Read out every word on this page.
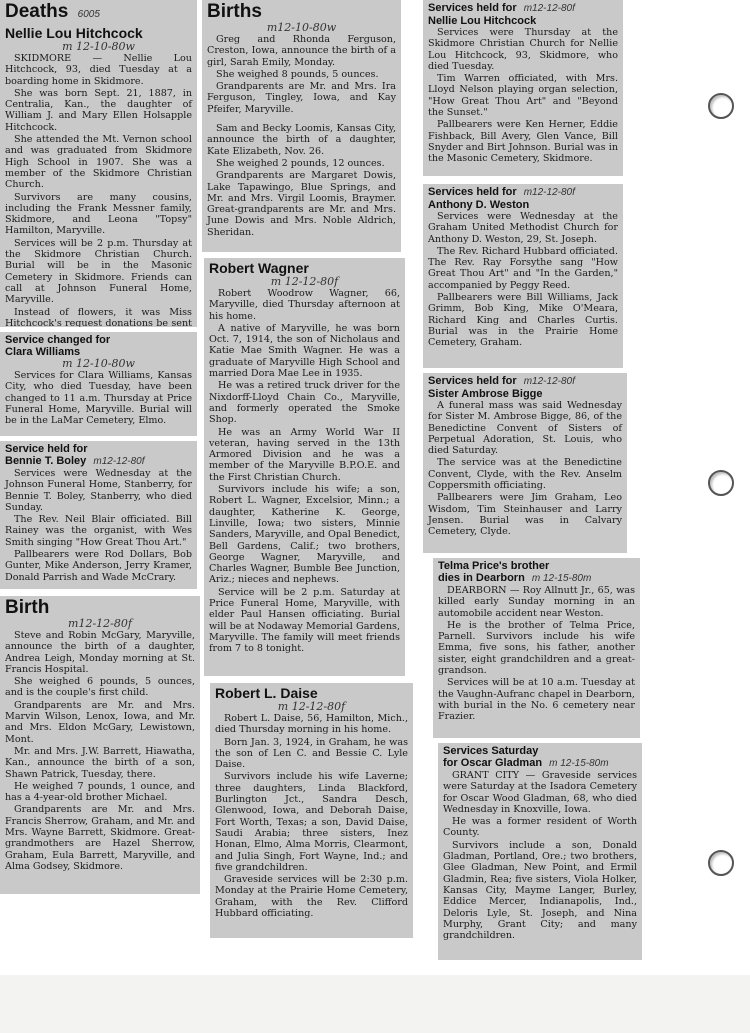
Deaths 6005
Nellie Lou Hitchcock
m 12-10-80w

SKIDMORE — Nellie Lou Hitchcock, 93, died Tuesday at a boarding home in Skidmore.

She was born Sept. 21, 1887, in Centralia, Kan., the daughter of William J. and Mary Ellen Holsapple Hitchcock.

She attended the Mt. Vernon school and was graduated from Skidmore High School in 1907. She was a member of the Skidmore Christian Church.

Survivors are many cousins, including the Frank Messner family, Skidmore, and Leona "Topsy" Hamilton, Maryville.

Services will be 2 p.m. Thursday at the Skidmore Christian Church. Burial will be in the Masonic Cemetery in Skidmore. Friends can call at Johnson Funeral Home, Maryville.

Instead of flowers, it was Miss Hitchcock's request donations be sent

Service changed for
Clara Williams
m 12-10-80w

Services for Clara Williams, Kansas City, who died Tuesday, have been changed to 11 a.m. Thursday at Price Funeral Home, Maryville. Burial will be in the LaMar Cemetery, Elmo.

Service held for
Bennie T. Boley m12-12-80f

Services were Wednesday at the Johnson Funeral Home, Stanberry, for Bennie T. Boley, Stanberry, who died Sunday.

The Rev. Neil Blair officiated. Bill Rainey was the organist, with Wes Smith singing "How Great Thou Art."

Pallbearers were Rod Dollars, Bob Gunter, Mike Anderson, Jerry Kramer, Donald Parrish and Wade McCrary.

Birth
m12-12-80f

Steve and Robin McGary, Maryville, announce the birth of a daughter, Andrea Leigh, Monday morning at St. Francis Hospital.

She weighed 6 pounds, 5 ounces, and is the couple's first child.

Grandparents are Mr. and Mrs. Marvin Wilson, Lenox, Iowa, and Mr. and Mrs. Eldon McGary, Lewistown, Mont.

Mr. and Mrs. J.W. Barrett, Hiawatha, Kan., announce the birth of a son, Shawn Patrick, Tuesday, there.

He weighed 7 pounds, 1 ounce, and has a 4-year-old brother Michael.

Grandparents are Mr. and Mrs. Francis Sherrow, Graham, and Mr. and Mrs. Wayne Barrett, Skidmore. Great-grandmothers are Hazel Sherrow, Graham, Eula Barrett, Maryville, and Alma Godsey, Skidmore.

Births
m12-10-80w

Greg and Rhonda Ferguson, Creston, Iowa, announce the birth of a girl, Sarah Emily, Monday.

She weighed 8 pounds, 5 ounces.

Grandparents are Mr. and Mrs. Ira Ferguson, Tingley, Iowa, and Kay Pfeifer, Maryville.

Sam and Becky Loomis, Kansas City, announce the birth of a daughter, Kate Elizabeth, Nov. 26.

She weighed 2 pounds, 12 ounces.

Grandparents are Margaret Dowis, Lake Tapawingo, Blue Springs, and Mr. and Mrs. Virgil Loomis, Braymer. Great-grandparents are Mr. and Mrs. June Dowis and Mrs. Noble Aldrich, Sheridan.

Robert Wagner
m 12-12-80f

Robert Woodrow Wagner, 66, Maryville, died Thursday afternoon at his home.

A native of Maryville, he was born Oct. 7, 1914, the son of Nicholaus and Katie Mae Smith Wagner. He was a graduate of Maryville High School and married Dora Mae Lee in 1935.

He was a retired truck driver for the Nixdorff-Lloyd Chain Co., Maryville, and formerly operated the Smoke Shop.

He was an Army World War II veteran, having served in the 13th Armored Division and he was a member of the Maryville B.P.O.E. and the First Christian Church.

Survivors include his wife; a son, Robert L. Wagner, Excelsior, Minn.; a daughter, Katherine K. George, Linville, Iowa; two sisters, Minnie Sanders, Maryville, and Opal Benedict, Bell Gardens, Calif.; two brothers, George Wagner, Maryville, and Charles Wagner, Bumble Bee Junction, Ariz.; nieces and nephews.

Service will be 2 p.m. Saturday at Price Funeral Home, Maryville, with elder Paul Hansen officiating. Burial will be at Nodaway Memorial Gardens, Maryville. The family will meet friends from 7 to 8 tonight.

Robert L. Daise
m 12-12-80f

Robert L. Daise, 56, Hamilton, Mich., died Thursday morning in his home.

Born Jan. 3, 1924, in Graham, he was the son of Len C. and Bessie C. Lyle Daise.

Survivors include his wife Laverne; three daughters, Linda Blackford, Burlington Jct., Sandra Desch, Glenwood, Iowa, and Deborah Daise, Fort Worth, Texas; a son, David Daise, Saudi Arabia; three sisters, Inez Honan, Elmo, Alma Morris, Clearmont, and Julia Singh, Fort Wayne, Ind.; and five grandchildren.

Graveside services will be 2:30 p.m. Monday at the Prairie Home Cemetery, Graham, with the Rev. Clifford Hubbard officiating.

Services held for m12-12-80f
Nellie Lou Hitchcock

Services were Thursday at the Skidmore Christian Church for Nellie Lou Hitchcock, 93, Skidmore, who died Tuesday.

Tim Warren officiated, with Mrs. Lloyd Nelson playing organ selection, "How Great Thou Art" and "Beyond the Sunset."

Pallbearers were Ken Herner, Eddie Fishback, Bill Avery, Glen Vance, Bill Snyder and Birt Johnson. Burial was in the Masonic Cemetery, Skidmore.

Services held for m12-12-80f
Anthony D. Weston

Services were Wednesday at the Graham United Methodist Church for Anthony D. Weston, 29, St. Joseph.

The Rev. Richard Hubbard officiated. The Rev. Ray Forsythe sang "How Great Thou Art" and "In the Garden," accompanied by Peggy Reed.

Pallbearers were Bill Williams, Jack Grimm, Bob King, Mike O'Meara, Richard King and Charles Curtis. Burial was in the Prairie Home Cemetery, Graham.

Services held for m12-12-80f
Sister Ambrose Bigge

A funeral mass was said Wednesday for Sister M. Ambrose Bigge, 86, of the Benedictine Convent of Sisters of Perpetual Adoration, St. Louis, who died Saturday.

The service was at the Benedictine Convent, Clyde, with the Rev. Anselm Coppersmith officiating.

Pallbearers were Jim Graham, Leo Wisdom, Tim Steinhauser and Larry Jensen. Burial was in Calvary Cemetery, Clyde.

Telma Price's brother
dies in Dearborn m 12-15-80m

DEARBORN — Roy Allnutt Jr., 65, was killed early Sunday morning in an automobile accident near Weston.

He is the brother of Telma Price, Parnell. Survivors include his wife Emma, five sons, his father, another sister, eight grandchildren and a great-grandson.

Services will be at 10 a.m. Tuesday at the Vaughn-Aufranc chapel in Dearborn, with burial in the No. 6 cemetery near Frazier.

Services Saturday
for Oscar Gladman m 12-15-80m

GRANT CITY — Graveside services were Saturday at the Isadora Cemetery for Oscar Wood Gladman, 68, who died Wednesday in Knoxville, Iowa.

He was a former resident of Worth County.

Survivors include a son, Donald Gladman, Portland, Ore.; two brothers, Glee Gladman, New Point, and Ermil Gladmin, Rea; five sisters, Viola Holker, Kansas City, Mayme Langer, Burley, Eddice Mercer, Indianapolis, Ind., Deloris Lyle, St. Joseph, and Nina Murphy, Grant City; and many grandchildren.
